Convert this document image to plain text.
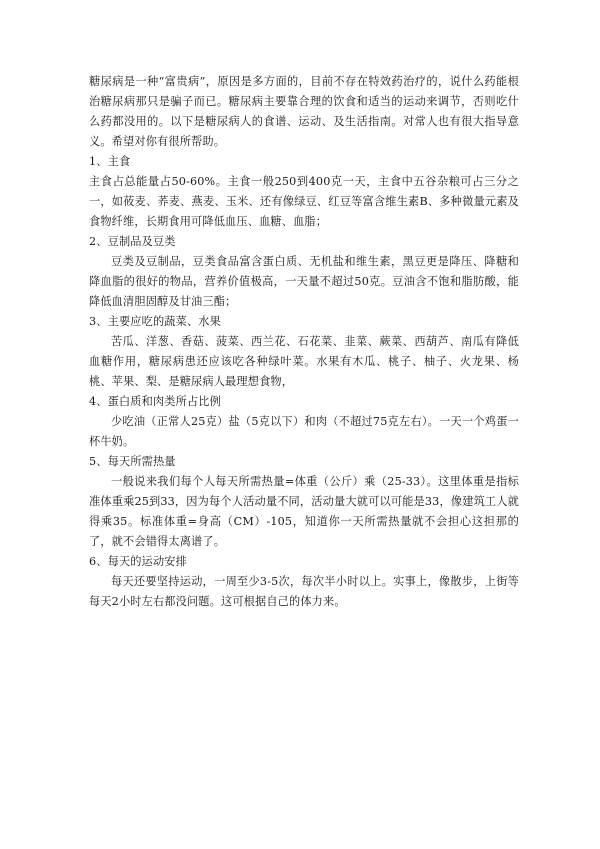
糖尿病是一种“富贵病”，原因是多方面的，目前不存在特效药治疗的，说什么药能根治糖尿病那只是骗子而已。糖尿病主要靠合理的饮食和适当的运动来调节，否则吃什么药都没用的。以下是糖尿病人的食谱、运动、及生活指南。对常人也有很大指导意义。希望对你有很所帮助。

1、主食

主食占总能量占50-60%。主食一般250到400克一天，主食中五谷杂粮可占三分之一，如莜麦、荞麦、燕麦、玉米、还有像绿豆、红豆等富含维生素B、多种微量元素及食物纤维，长期食用可降低血压、血糖、血脂；

2、豆制品及豆类

豆类及豆制品，豆类食品富含蛋白质、无机盐和维生素，黑豆更是降压、降糖和降血脂的很好的物品，营养价值极高，一天量不超过50克。豆油含不饱和脂肪酸，能降低血清胆固醇及甘油三酯；

3、主要应吃的蔬菜、水果

苦瓜、洋葱、香菇、菠菜、西兰花、石花菜、韭菜、蕨菜、西葫芦、南瓜有降低血糖作用，糖尿病患还应该吃各种绿叶菜。水果有木瓜、桃子、柚子、火龙果、杨桃、苹果、梨、是糖尿病人最理想食物，

4、蛋白质和肉类所占比例

少吃油（正常人25克）盐（5克以下）和肉（不超过75克左右）。一天一个鸡蛋一杯牛奶。

5、每天所需热量

一般说来我们每个人每天所需热量=体重（公斤）乘（25-33）。这里体重是指标准体重乘25到33，因为每个人活动量不同，活动量大就可以可能是33，像建筑工人就得乘35。标准体重=身高（CM）-105，知道你一天所需热量就不会担心这担那的了，就不会错得太离谱了。

6、每天的运动安排

每天还要坚持运动，一周至少3-5次，每次半小时以上。实事上，像散步，上街等每天2小时左右都没问题。这可根据自己的体力来。
